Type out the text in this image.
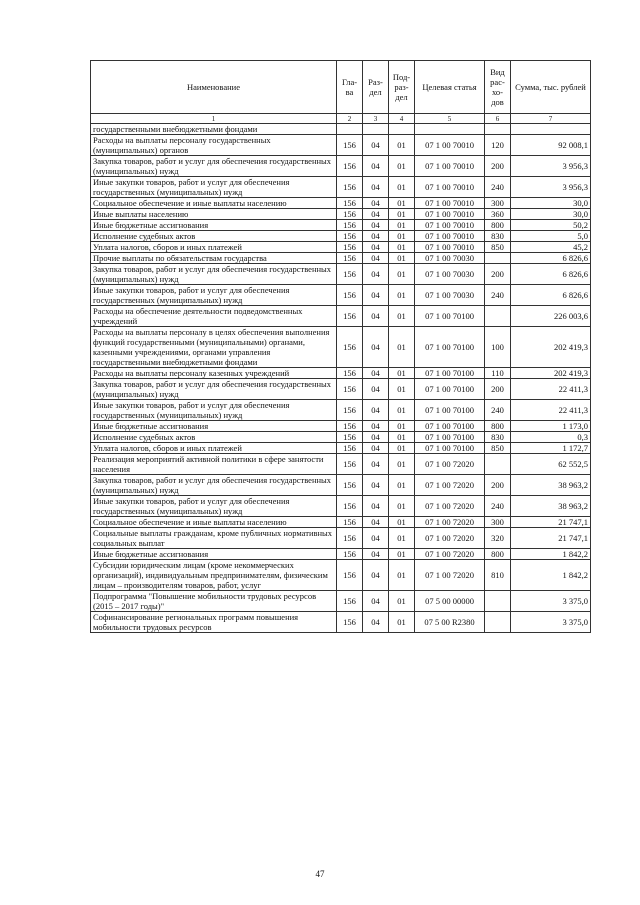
Наименование	Гла-ва	Раз-дел	Под-раз-дел	Целевая статья	Вид рас-хо-дов	Сумма, тыс. рублей
1	2	3	4	5	6	7
государственными внебюджетными фондами						
Расходы на выплаты персоналу государственных (муниципальных) органов	156	04	01	07 1 00 70010	120	92 008,1
Закупка товаров, работ и услуг для обеспечения государственных (муниципальных) нужд	156	04	01	07 1 00 70010	200	3 956,3
Иные закупки товаров, работ и услуг для обеспечения государственных (муниципальных) нужд	156	04	01	07 1 00 70010	240	3 956,3
Социальное обеспечение и иные выплаты населению	156	04	01	07 1 00 70010	300	30,0
Иные выплаты населению	156	04	01	07 1 00 70010	360	30,0
Иные бюджетные ассигнования	156	04	01	07 1 00 70010	800	50,2
Исполнение судебных актов	156	04	01	07 1 00 70010	830	5,0
Уплата налогов, сборов и иных платежей	156	04	01	07 1 00 70010	850	45,2
Прочие выплаты по обязательствам государства	156	04	01	07 1 00 70030		6 826,6
Закупка товаров, работ и услуг для обеспечения государственных (муниципальных) нужд	156	04	01	07 1 00 70030	200	6 826,6
Иные закупки товаров, работ и услуг для обеспечения государственных (муниципальных) нужд	156	04	01	07 1 00 70030	240	6 826,6
Расходы на обеспечение деятельности подведомственных учреждений	156	04	01	07 1 00 70100		226 003,6
Расходы на выплаты персоналу в целях обеспечения выполнения функций государственными (муниципальными) органами, казенными учреждениями, органами управления государственными внебюджетными фондами	156	04	01	07 1 00 70100	100	202 419,3
Расходы на выплаты персоналу казенных учреждений	156	04	01	07 1 00 70100	110	202 419,3
Закупка товаров, работ и услуг для обеспечения государственных (муниципальных) нужд	156	04	01	07 1 00 70100	200	22 411,3
Иные закупки товаров, работ и услуг для обеспечения государственных (муниципальных) нужд	156	04	01	07 1 00 70100	240	22 411,3
Иные бюджетные ассигнования	156	04	01	07 1 00 70100	800	1 173,0
Исполнение судебных актов	156	04	01	07 1 00 70100	830	0,3
Уплата налогов, сборов и иных платежей	156	04	01	07 1 00 70100	850	1 172,7
Реализация мероприятий активной политики в сфере занятости населения	156	04	01	07 1 00 72020		62 552,5
Закупка товаров, работ и услуг для обеспечения государственных (муниципальных) нужд	156	04	01	07 1 00 72020	200	38 963,2
Иные закупки товаров, работ и услуг для обеспечения государственных (муниципальных) нужд	156	04	01	07 1 00 72020	240	38 963,2
Социальное обеспечение и иные выплаты населению	156	04	01	07 1 00 72020	300	21 747,1
Социальные выплаты гражданам, кроме публичных нормативных социальных выплат	156	04	01	07 1 00 72020	320	21 747,1
Иные бюджетные ассигнования	156	04	01	07 1 00 72020	800	1 842,2
Субсидии юридическим лицам (кроме некоммерческих организаций), индивидуальным предпринимателям, физическим лицам – производителям товаров, работ, услуг	156	04	01	07 1 00 72020	810	1 842,2
Подпрограмма "Повышение мобильности трудовых ресурсов (2015 – 2017 годы)"	156	04	01	07 5 00 00000		3 375,0
Софинансирование региональных программ повышения мобильности трудовых ресурсов	156	04	01	07 5 00 R2380		3 375,0
47
